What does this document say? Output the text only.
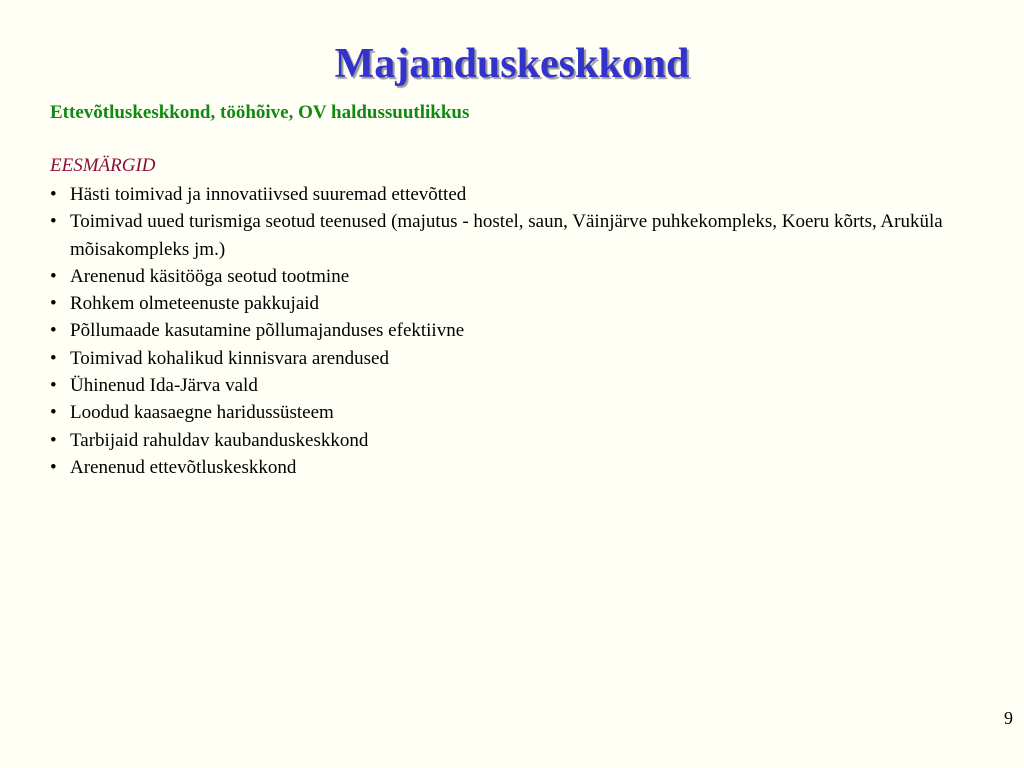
Majanduskeskkond

Ettevõtluskeskkond, tööhõive, OV haldussuutlikkus

EESMÄRGID

• Hästi toimivad ja innovatiivsed suuremad ettevõtted
• Toimivad uued turismiga seotud teenused (majutus - hostel, saun, Väinjärve puhkekompleks, Koeru kõrts, Aruküla mõisakompleks jm.)
• Arenenud käsitööga seotud tootmine
• Rohkem olmeteenuste pakkujaid
• Põllumaade kasutamine põllumajanduses efektiivne
• Toimivad kohalikud kinnisvara arendused
• Ühinenud Ida-Järva vald
• Loodud kaasaegne haridussüsteem
• Tarbijaid rahuldav kaubanduskeskkond
• Arenenud ettevõtluskeskkond
9
